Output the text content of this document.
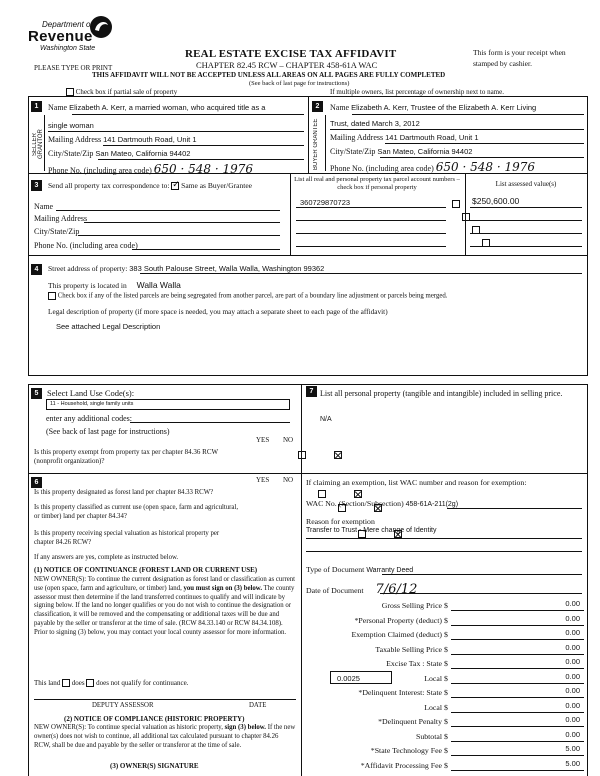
Department of
Revenue
Washington State	REAL ESTATE EXCISE TAX AFFIDAVIT
CHAPTER 82.45 RCW – CHAPTER 458-61A WAC
This form is your receipt when stamped by cashier.
PLEASE TYPE OR PRINT
THIS AFFIDAVIT WILL NOT BE ACCEPTED UNLESS ALL AREAS ON ALL PAGES ARE FULLY COMPLETED
(See back of last page for instructions)
Check box if partial sale of property	If multiple owners, list percentage of ownership next to name.
1
SELLER GRANTOR
Name Elizabeth A. Kerr, a married woman, who acquired title as a
single woman
Mailing Address 141 Dartmouth Road, Unit 1
City/State/Zip San Mateo, California 94402
Phone No. (including area code) 650 · 548 · 1976
2
BUYER GRANTEE
Name Elizabeth A. Kerr, Trustee of the Elizabeth A. Kerr Living
Trust, dated March 3, 2012
Mailing Address 141 Dartmouth Road, Unit 1
City/State/Zip San Mateo, California 94402
Phone No. (including area code) 650 · 548 · 1976
3	Send all property tax correspondence to: ✓ Same as Buyer/Grantee
Name
Mailing Address
City/State/Zip
Phone No. (including area code)
List all real and personal property tax parcel account numbers – check box if personal property	List assessed value(s)
360729870723	$250,600.00

4	Street address of property: 383 South Palouse Street, Walla Walla, Washington 99362
This property is located in Walla Walla
Check box if any of the listed parcels are being segregated from another parcel, are part of a boundary line adjustment or parcels being merged.
Legal description of property (if more space is needed, you may attach a separate sheet to each page of the affidavit)
See attached Legal Description
5	Select Land Use Code(s):
11 - Household, single family units
enter any additional codes:
(See back of last page for instructions)
YES NO
Is this property exempt from property tax per chapter 84.36 RCW (nonprofit organization)?

6	YES NO
Is this property designated as forest land per chapter 84.33 RCW?

Is this property classified as current use (open space, farm and agricultural, or timber) land per chapter 84.34?

Is this property receiving special valuation as historical property per chapter 84.26 RCW?

If any answers are yes, complete as instructed below.
(1) NOTICE OF CONTINUANCE (FOREST LAND OR CURRENT USE)
NEW OWNER(S): To continue the current designation as forest land or classification as current use (open space, farm and agriculture, or timber) land, you must sign on (3) below. The county assessor must then determine if the land transferred continues to qualify and will indicate by signing below. If the land no longer qualifies or you do not wish to continue the designation or classification, it will be removed and the compensating or additional taxes will be due and payable by the seller or transferor at the time of sale. (RCW 84.33.140 or RCW 84.34.108). Prior to signing (3) below, you may contact your local county assessor for more information.
This land does does not qualify for continuance.
DEPUTY ASSESSOR	DATE
(2) NOTICE OF COMPLIANCE (HISTORIC PROPERTY)
NEW OWNER(S): To continue special valuation as historic property, sign (3) below. If the new owner(s) does not wish to continue, all additional tax calculated pursuant to chapter 84.26 RCW, shall be due and payable by the seller or transferor at the time of sale.
(3) OWNER(S) SIGNATURE
7 List all personal property (tangible and intangible) included in selling price.
N/A
If claiming an exemption, list WAC number and reason for exemption:
WAC No. (Section/Subsection) 458-61A-211(2g)
Reason for exemption
Transfer to Trust - Mere change of Identity
Type of Document Warranty Deed
Date of Document 7/6/12
Gross Selling Price $	0.00
*Personal Property (deduct) $	0.00
Exemption Claimed (deduct) $	0.00
Taxable Selling Price $	0.00
Excise Tax : State $	0.00
0.0025	Local $	0.00
*Delinquent Interest: State $	0.00
Local $	0.00
*Delinquent Penalty $	0.00
Subtotal $	0.00
*State Technology Fee $	5.00
*Affidavit Processing Fee $	5.00
